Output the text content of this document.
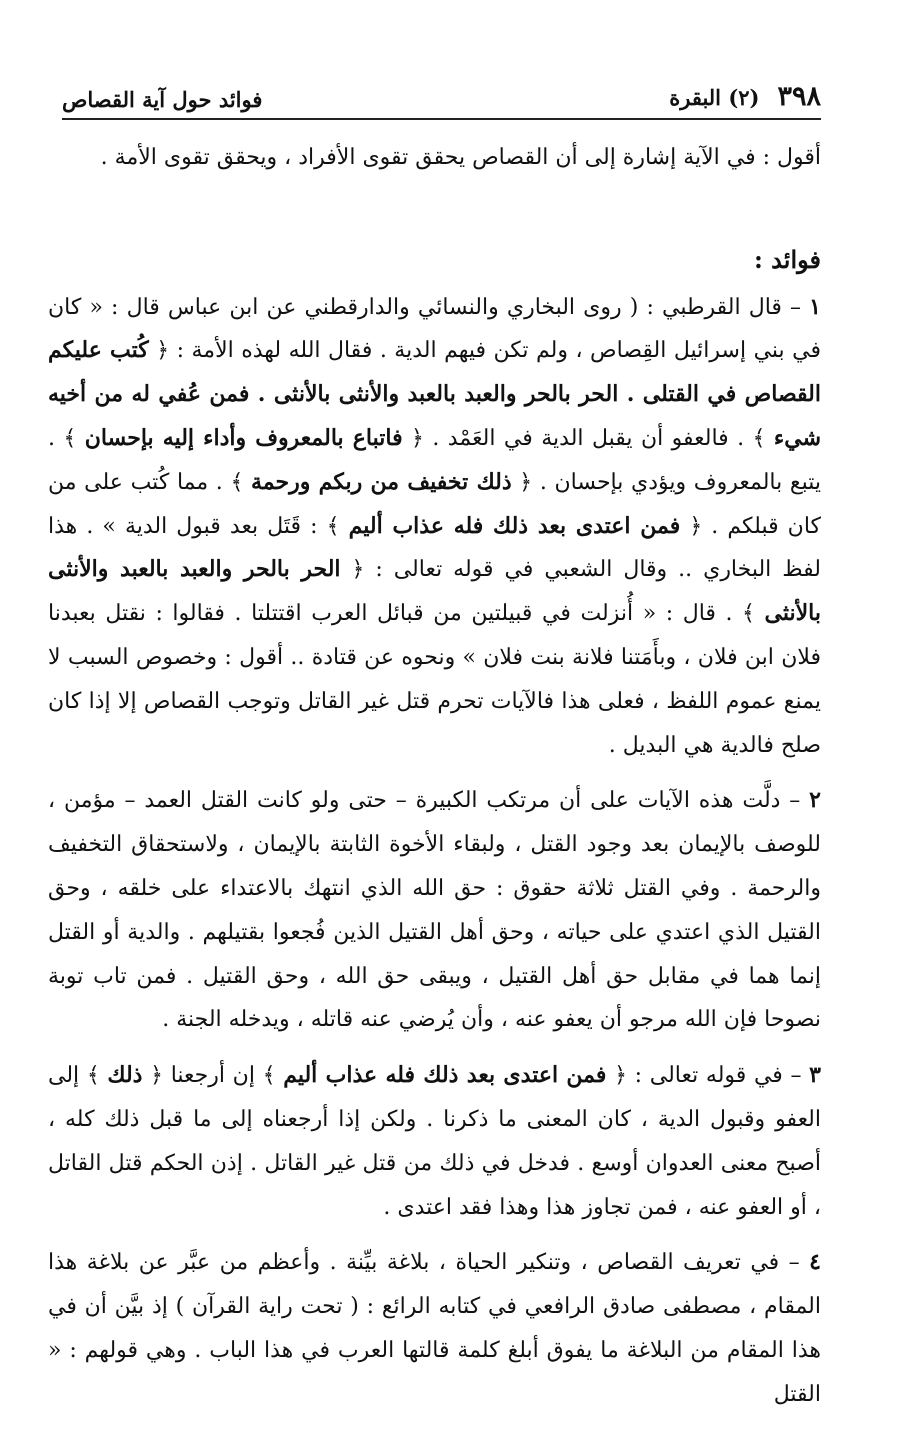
٣٩٨
(٢) البقرة
فوائد حول آية القصاص

أقول : في الآية إشارة إلى أن القصاص يحقق تقوى الأفراد ، ويحقق تقوى الأمة .

فوائد :

١ – قال القرطبي : ( روى البخاري والنسائي والدارقطني عن ابن عباس قال : « كان في بني إسرائيل القِصاص ، ولم تكن فيهم الدية . فقال الله لهذه الأمة : ﴿ كُتب عليكم القصاص في القتلى . الحر بالحر والعبد بالعبد والأنثى بالأنثى . فمن عُفي له من أخيه شيء ﴾ . فالعفو أن يقبل الدية في العَمْد . ﴿ فاتباع بالمعروف وأداء إليه بإحسان ﴾ . يتبع بالمعروف ويؤدي بإحسان . ﴿ ذلك تخفيف من ربكم ورحمة ﴾ . مما كُتب على من كان قبلكم . ﴿ فمن اعتدى بعد ذلك فله عذاب أليم ﴾ : قَتَل بعد قبول الدية » . هذا لفظ البخاري .. وقال الشعبي في قوله تعالى : ﴿ الحر بالحر والعبد بالعبد والأنثى بالأنثى ﴾ . قال : « أُنزلت في قبيلتين من قبائل العرب اقتتلتا . فقالوا : نقتل بعبدنا فلان ابن فلان ، وبأَمَتنا فلانة بنت فلان » ونحوه عن قتادة .. أقول : وخصوص السبب لا يمنع عموم اللفظ ، فعلى هذا فالآيات تحرم قتل غير القاتل وتوجب القصاص إلا إذا كان صلح فالدية هي البديل .

٢ – دلَّت هذه الآيات على أن مرتكب الكبيرة – حتى ولو كانت القتل العمد – مؤمن ، للوصف بالإيمان بعد وجود القتل ، ولبقاء الأخوة الثابتة بالإيمان ، ولاستحقاق التخفيف والرحمة . وفي القتل ثلاثة حقوق : حق الله الذي انتهك بالاعتداء على خلقه ، وحق القتيل الذي اعتدي على حياته ، وحق أهل القتيل الذين فُجعوا بقتيلهم . والدية أو القتل إنما هما في مقابل حق أهل القتيل ، ويبقى حق الله ، وحق القتيل . فمن تاب توبة نصوحا فإن الله مرجو أن يعفو عنه ، وأن يُرضي عنه قاتله ، ويدخله الجنة .

٣ – في قوله تعالى : ﴿ فمن اعتدى بعد ذلك فله عذاب أليم ﴾ إن أرجعنا ﴿ ذلك ﴾ إلى العفو وقبول الدية ، كان المعنى ما ذكرنا . ولكن إذا أرجعناه إلى ما قبل ذلك كله ، أصبح معنى العدوان أوسع . فدخل في ذلك من قتل غير القاتل . إذن الحكم قتل القاتل ، أو العفو عنه ، فمن تجاوز هذا وهذا فقد اعتدى .

٤ – في تعريف القصاص ، وتنكير الحياة ، بلاغة بيِّنة . وأعظم من عبَّر عن بلاغة هذا المقام ، مصطفى صادق الرافعي في كتابه الرائع : ( تحت راية القرآن ) إذ بيَّن أن في هذا المقام من البلاغة ما يفوق أبلغ كلمة قالتها العرب في هذا الباب . وهي قولهم : « القتل
